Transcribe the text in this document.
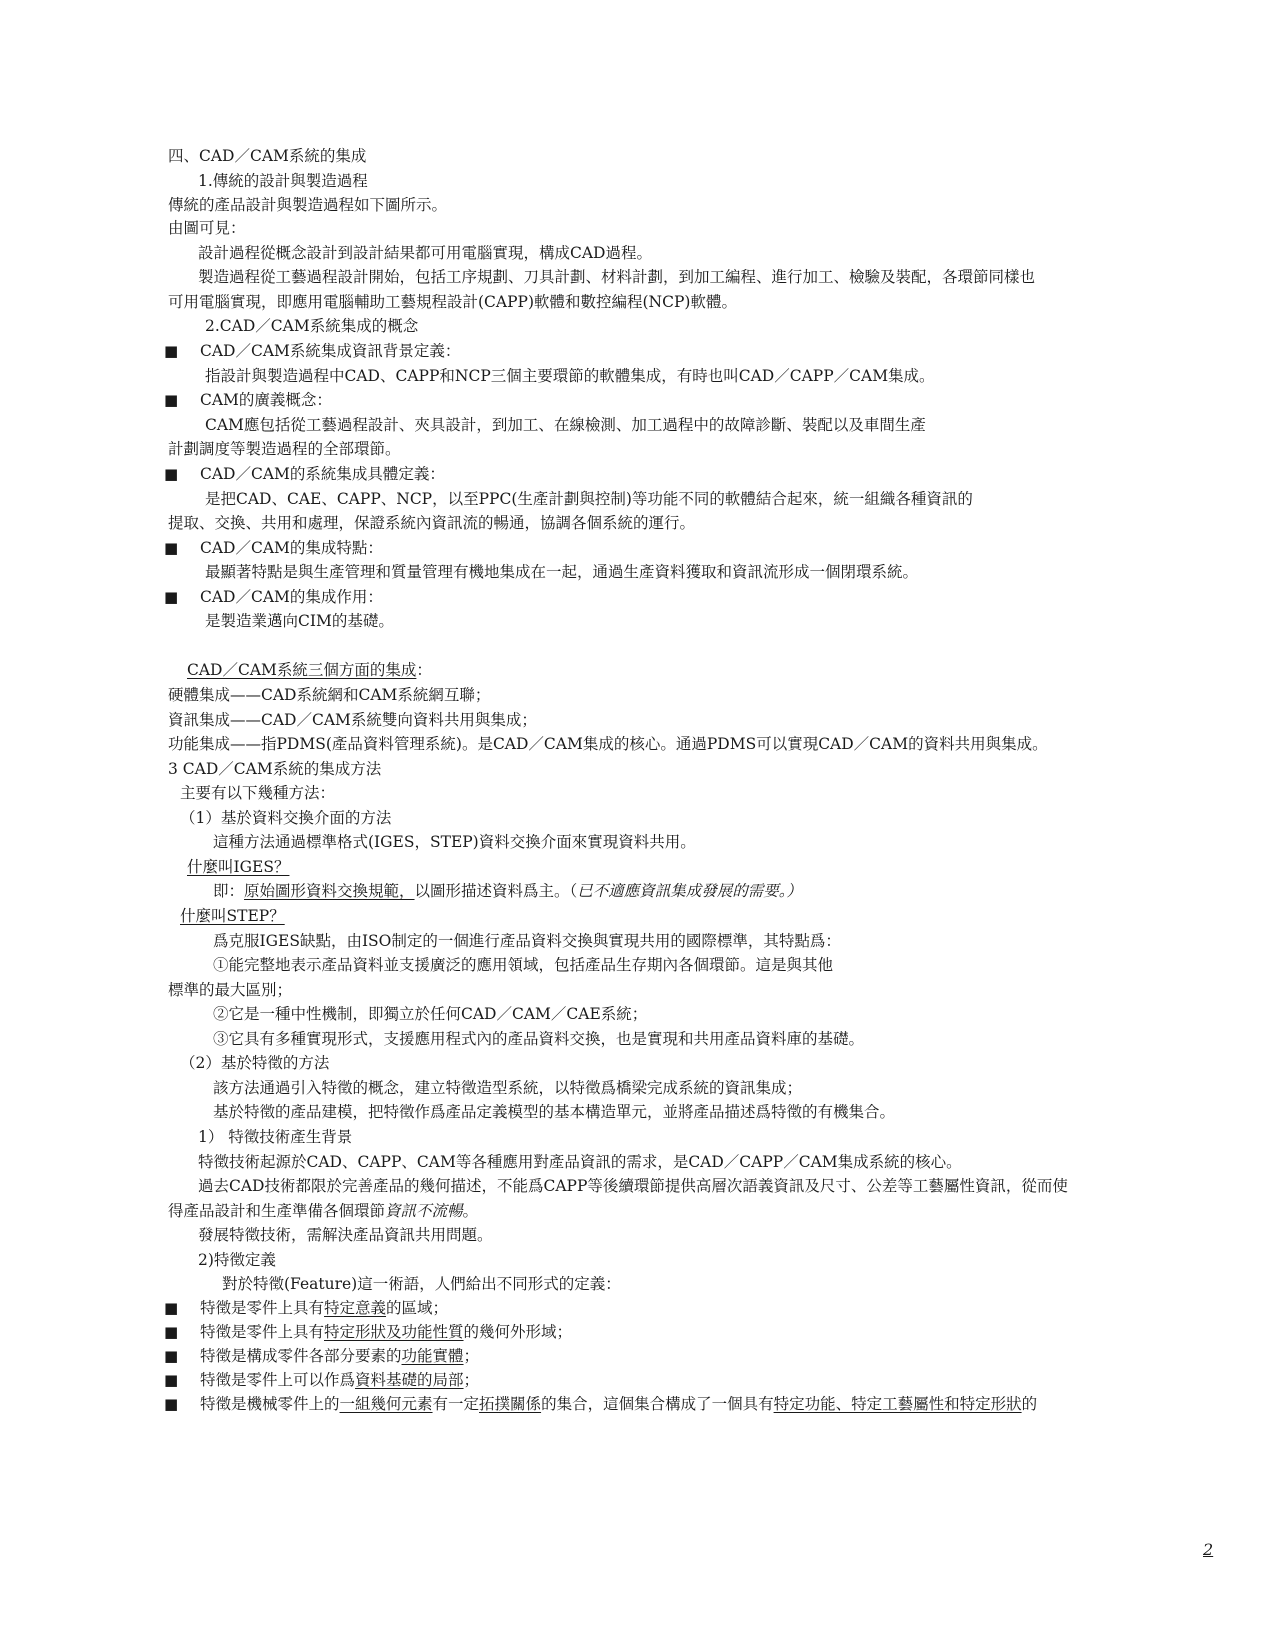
四、CAD／CAM系統的集成
1.傳統的設計與製造過程
傳統的產品設計與製造過程如下圖所示。
由圖可見：
設計過程從概念設計到設計結果都可用電腦實現，構成CAD過程。
製造過程從工藝過程設計開始，包括工序規劃、刀具計劃、材料計劃，到加工編程、進行加工、檢驗及裝配，各環節同樣也
可用電腦實現，即應用電腦輔助工藝規程設計(CAPP)軟體和數控編程(NCP)軟體。
2.CAD／CAM系統集成的概念
■ CAD／CAM系統集成資訊背景定義：
指設計與製造過程中CAD、CAPP和NCP三個主要環節的軟體集成，有時也叫CAD／CAPP／CAM集成。
■ CAM的廣義概念：
CAM應包括從工藝過程設計、夾具設計，到加工、在線檢測、加工過程中的故障診斷、裝配以及車間生產
計劃調度等製造過程的全部環節。
■ CAD／CAM的系統集成具體定義：
是把CAD、CAE、CAPP、NCP，以至PPC(生產計劃與控制)等功能不同的軟體結合起來，統一組織各種資訊的
提取、交換、共用和處理，保證系統內資訊流的暢通，協調各個系統的運行。
■ CAD／CAM的集成特點：
最顯著特點是與生產管理和質量管理有機地集成在一起，通過生產資料獲取和資訊流形成一個閉環系統。
■ CAD／CAM的集成作用：
是製造業邁向CIM的基礎。
CAD／CAM系統三個方面的集成：
硬體集成——CAD系統網和CAM系統網互聯；
資訊集成——CAD／CAM系統雙向資料共用與集成；
功能集成——指PDMS(產品資料管理系統)。是CAD／CAM集成的核心。通過PDMS可以實現CAD／CAM的資料共用與集成。
3 CAD／CAM系統的集成方法
主要有以下幾種方法：
（1）基於資料交換介面的方法
這種方法通過標準格式(IGES，STEP)資料交換介面來實現資料共用。
什麼叫IGES？
即：原始圖形資料交換規範，以圖形描述資料爲主。（已不適應資訊集成發展的需要。）
什麼叫STEP？
爲克服IGES缺點，由ISO制定的一個進行產品資料交換與實現共用的國際標準，其特點爲：
①能完整地表示產品資料並支援廣泛的應用領域，包括產品生存期內各個環節。這是與其他
標準的最大區別；
②它是一種中性機制，即獨立於任何CAD／CAM／CAE系統；
③它具有多種實現形式，支援應用程式內的產品資料交換，也是實現和共用產品資料庫的基礎。
（2）基於特徵的方法
該方法通過引入特徵的概念，建立特徵造型系統，以特徵爲橋梁完成系統的資訊集成；
基於特徵的產品建模，把特徵作爲產品定義模型的基本構造單元，並將產品描述爲特徵的有機集合。
1） 特徵技術產生背景
特徵技術起源於CAD、CAPP、CAM等各種應用對產品資訊的需求，是CAD／CAPP／CAM集成系統的核心。
過去CAD技術都限於完善產品的幾何描述，不能爲CAPP等後續環節提供高層次語義資訊及尺寸、公差等工藝屬性資訊，從而使
得產品設計和生產準備各個環節資訊不流暢。
發展特徵技術，需解決產品資訊共用問題。
2)特徵定義
對於特徵(Feature)這一術語，人們給出不同形式的定義：
■ 特徵是零件上具有特定意義的區域；
■ 特徵是零件上具有特定形狀及功能性質的幾何外形域；
■ 特徵是構成零件各部分要素的功能實體；
■ 特徵是零件上可以作爲資料基礎的局部；
■ 特徵是機械零件上的一組幾何元素有一定拓撲關係的集合，這個集合構成了一個具有特定功能、特定工藝屬性和特定形狀的
2
